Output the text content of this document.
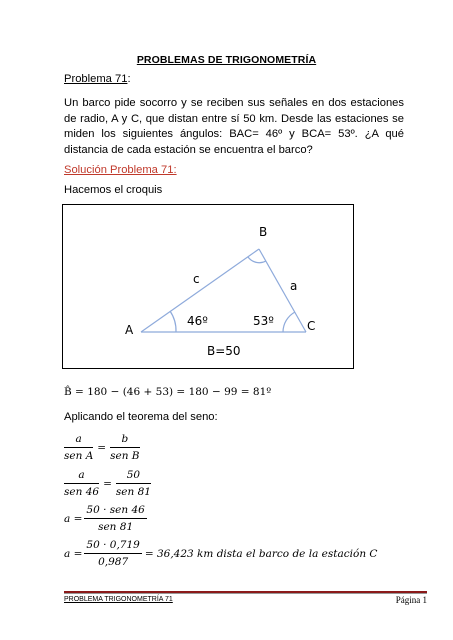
PROBLEMAS DE TRIGONOMETRÍA
Problema 71:
Un barco pide socorro y se reciben sus señales en dos estaciones de radio, A y C, que distan entre sí 50 km. Desde las estaciones se miden los siguientes ángulos: BAC= 46º y BCA= 53º. ¿A qué distancia de cada estación se encuentra el barco?
Solución Problema 71:
Hacemos el croquis
B
c	a
46º	53º
A	C
B=50
B̂ = 180 − (46 + 53) = 180 − 99 = 81º
Aplicando el teorema del seno:
$\frac{a}{\text{sen A}} = \frac{b}{\text{sen B}}$
$\frac{a}{\text{sen 46}} = \frac{50}{\text{sen 81}}$
$a = \frac{\text{50 · sen 46}}{\text{sen 81}}$
$a = \frac{50 \cdot 0,719}{0,987} = 36,423$ km dista el barco de la estación C
PROBLEMA TRIGONOMETRÍA 71	Página 1
